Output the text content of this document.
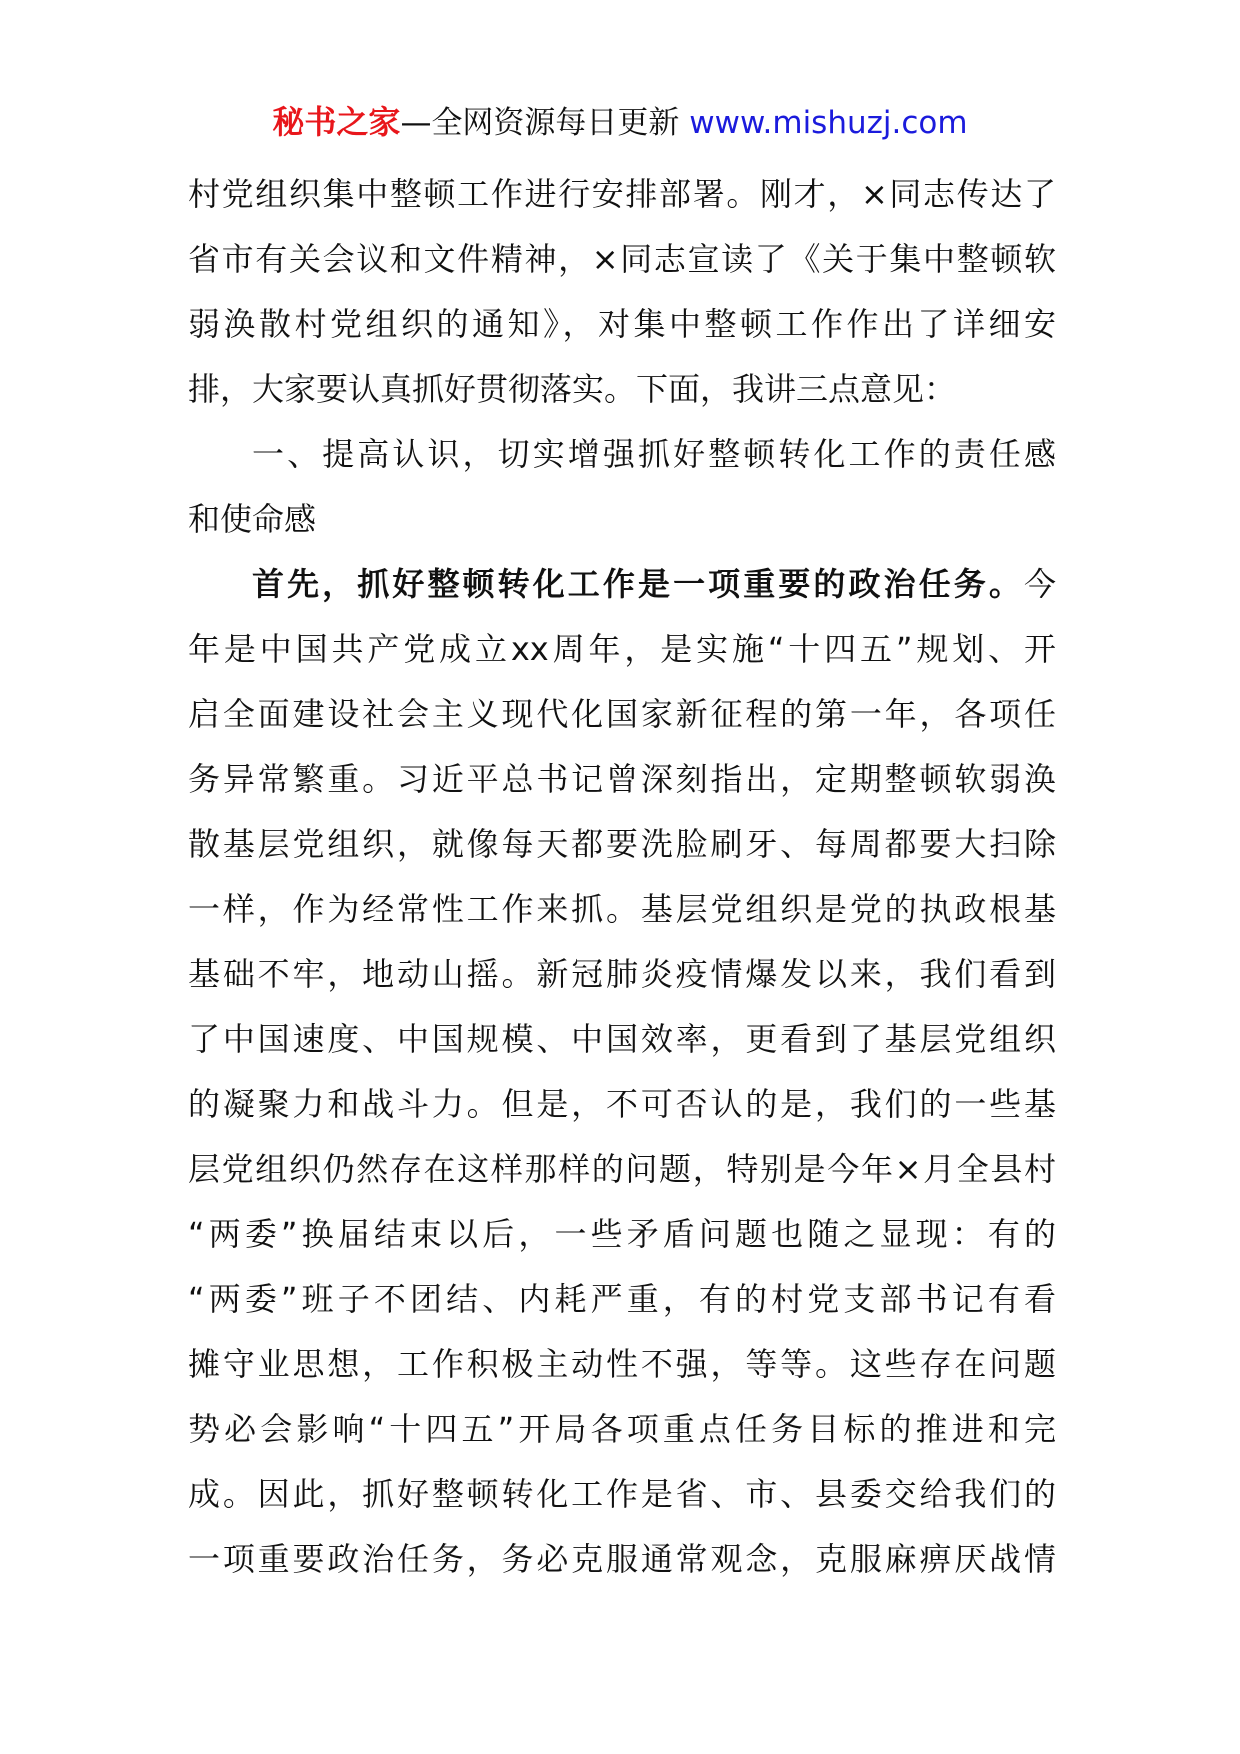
秘书之家—全网资源每日更新 www.mishuzj.com
村党组织集中整顿工作进行安排部署。刚才，×同志传达了
省市有关会议和文件精神，×同志宣读了《关于集中整顿软
弱涣散村党组织的通知》，对集中整顿工作作出了详细安
排，大家要认真抓好贯彻落实。下面，我讲三点意见：
一、提高认识，切实增强抓好整顿转化工作的责任感
和使命感
首先，抓好整顿转化工作是一项重要的政治任务。今
年是中国共产党成立xx周年，是实施“十四五”规划、开
启全面建设社会主义现代化国家新征程的第一年，各项任
务异常繁重。习近平总书记曾深刻指出，定期整顿软弱涣
散基层党组织，就像每天都要洗脸刷牙、每周都要大扫除
一样，作为经常性工作来抓。基层党组织是党的执政根基
基础不牢，地动山摇。新冠肺炎疫情爆发以来，我们看到
了中国速度、中国规模、中国效率，更看到了基层党组织
的凝聚力和战斗力。但是，不可否认的是，我们的一些基
层党组织仍然存在这样那样的问题，特别是今年×月全县村
“两委”换届结束以后，一些矛盾问题也随之显现：有的
“两委”班子不团结、内耗严重，有的村党支部书记有看
摊守业思想，工作积极主动性不强，等等。这些存在问题
势必会影响“十四五”开局各项重点任务目标的推进和完
成。因此，抓好整顿转化工作是省、市、县委交给我们的
一项重要政治任务，务必克服通常观念，克服麻痹厌战情
